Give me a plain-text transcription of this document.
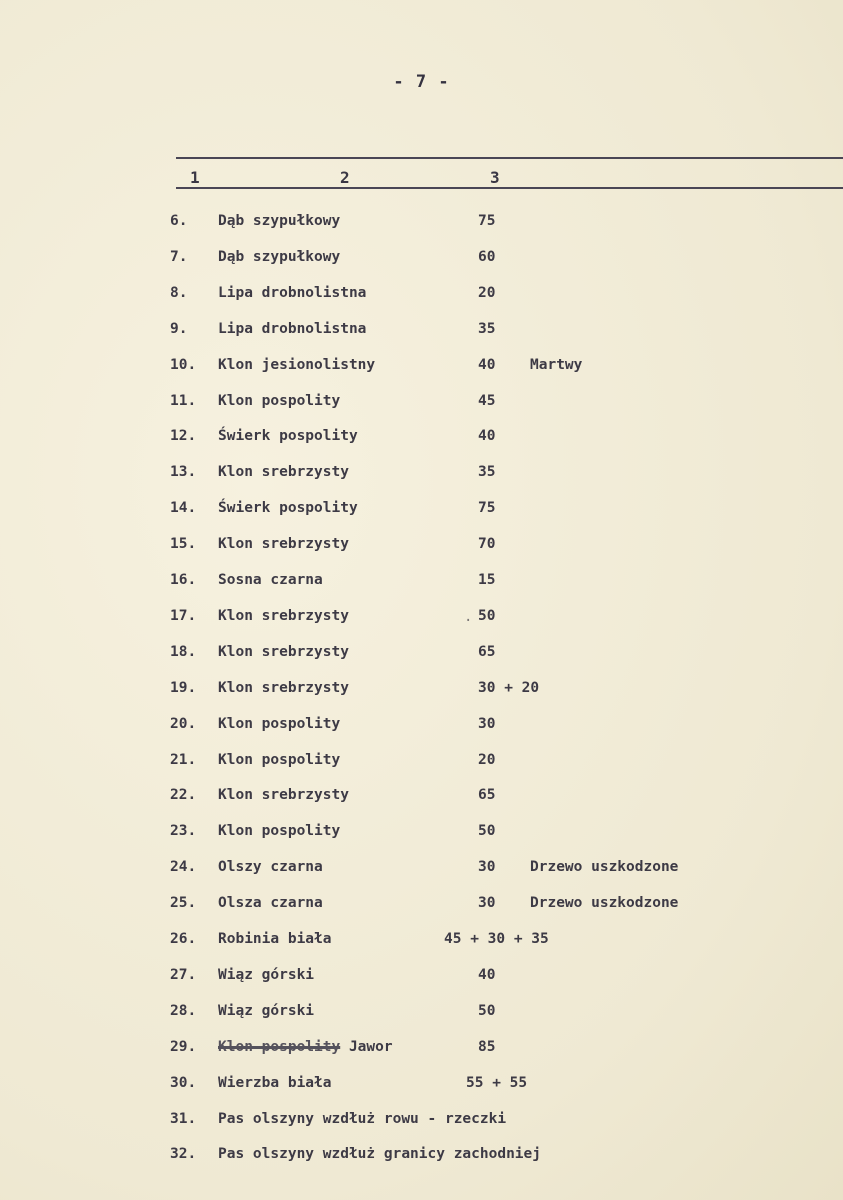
- 7 -
1	2	3
6.	Dąb szypułkowy	75
7.	Dąb szypułkowy	60
8.	Lipa drobnolistna	20
9.	Lipa drobnolistna	35
10.	Klon jesionolistny	40 Martwy
11.	Klon pospolity	45
12.	Świerk pospolity	40
13.	Klon srebrzysty	35
14.	Świerk pospolity	75
15.	Klon srebrzysty	70
16.	Sosna czarna	15
17.	Klon srebrzysty	50
18.	Klon srebrzysty	65
19.	Klon srebrzysty	30 + 20
20.	Klon pospolity	30
21.	Klon pospolity	20
22.	Klon srebrzysty	65
23.	Klon pospolity	50
24.	Olszy czarna	30 Drzewo uszkodzone
25.	Olsza czarna	30 Drzewo uszkodzone
26.	Robinia biała	45 + 30 + 35
27.	Wiąz górski	40
28.	Wiąz górski	50
29.	Klon pospolity Jawor	85
30.	Wierzba biała	55 + 55
31.	Pas olszyny wzdłuż rowu - rzeczki
32.	Pas olszyny wzdłuż granicy zachodniej
.
